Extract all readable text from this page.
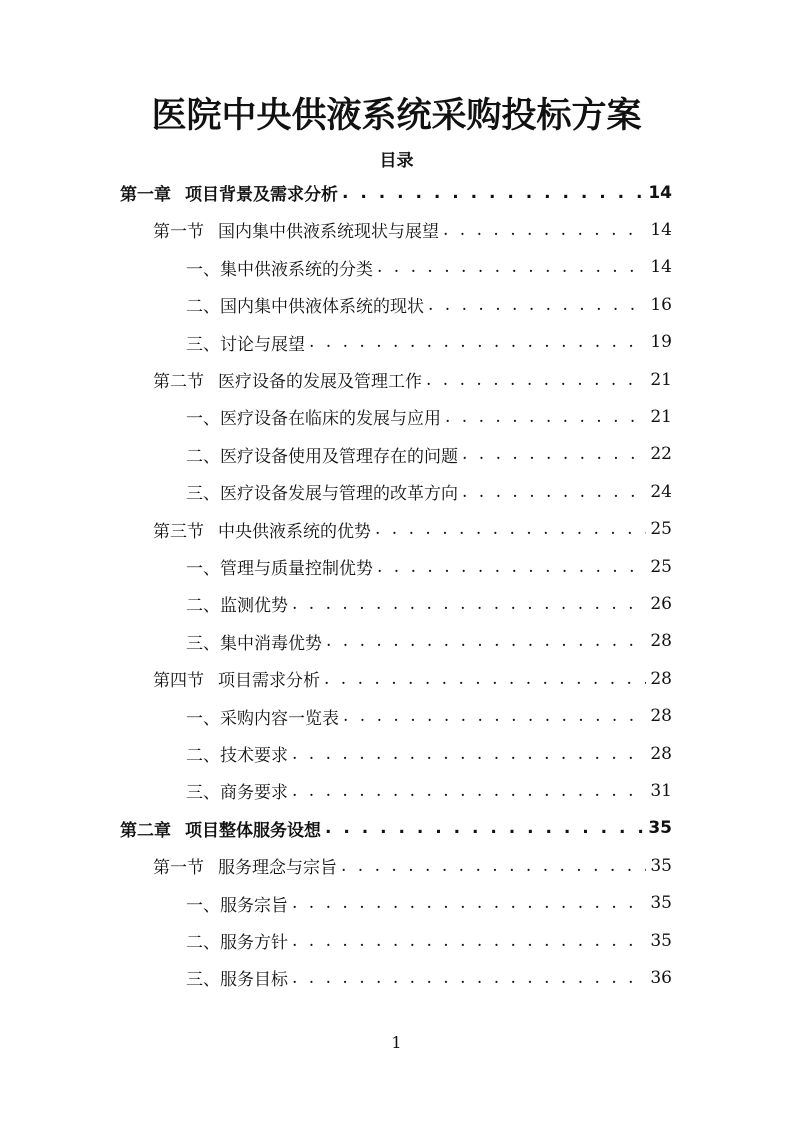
医院中央供液系统采购投标方案
目录
第一章 项目背景及需求分析 . . .	14
第一节 国内集中供液系统现状与展望 . . .	14
一、集中供液系统的分类 . . .	14
二、国内集中供液体系统的现状 . . .	16
三、讨论与展望 . . .	19
第二节 医疗设备的发展及管理工作 . . .	21
一、医疗设备在临床的发展与应用 . . .	21
二、医疗设备使用及管理存在的问题 . . .	22
三、医疗设备发展与管理的改革方向 . . .	24
第三节 中央供液系统的优势 . . .	25
一、管理与质量控制优势 . . .	25
二、监测优势 . . .	26
三、集中消毒优势 . . .	28
第四节 项目需求分析 . . .	28
一、采购内容一览表 . . .	28
二、技术要求 . . .	28
三、商务要求 . . .	31
第二章 项目整体服务设想 . . .	35
第一节 服务理念与宗旨 . . .	35
一、服务宗旨 . . .	35
二、服务方针 . . .	35
三、服务目标 . . .	36
1
